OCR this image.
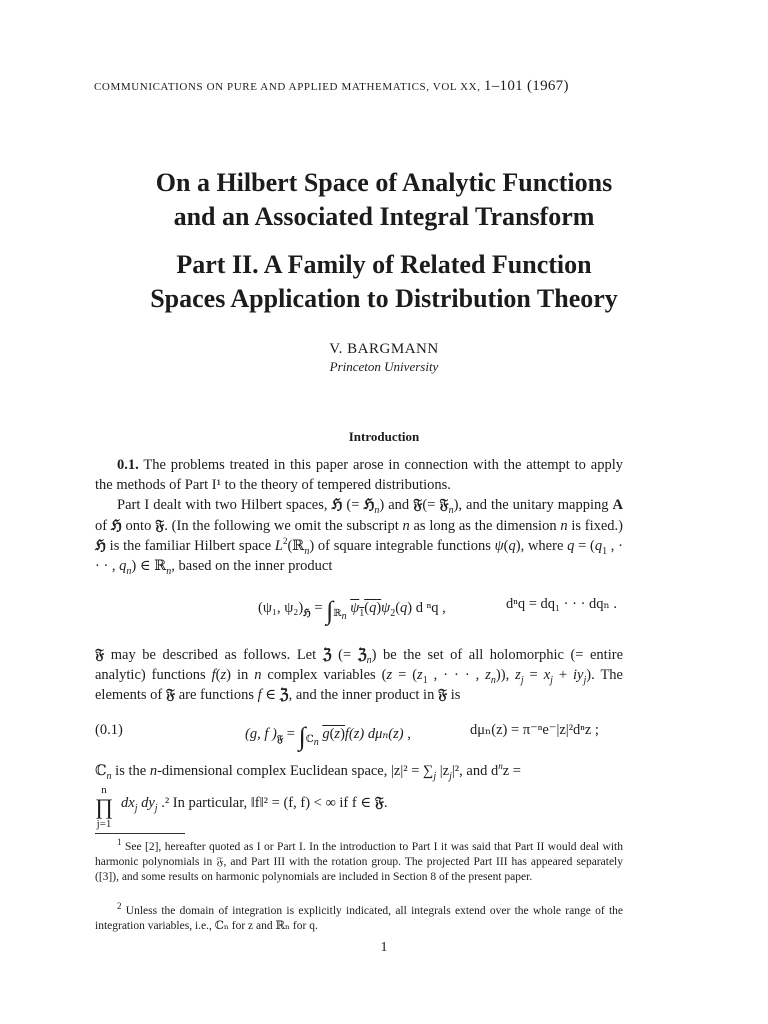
COMMUNICATIONS ON PURE AND APPLIED MATHEMATICS, VOL XX, 1–101 (1967)
On a Hilbert Space of Analytic Functions
and an Associated Integral Transform
Part II. A Family of Related Function
Spaces Application to Distribution Theory
V. BARGMANN
Princeton University
Introduction

0.1. The problems treated in this paper arose in connection with the attempt to apply the methods of Part I¹ to the theory of tempered distributions.

Part I dealt with two Hilbert spaces, ℌ (= ℌ$_n$) and 𝔉(= 𝔉$_n$), and the unitary mapping A of ℌ onto 𝔉. (In the following we omit the subscript n as long as the dimension n is fixed.) ℌ is the familiar Hilbert space $L^2(ℝ_n)$ of square integrable functions ψ(q), where $q = (q_1$ , · · · , $q_n$) ∈ ℝ$_n$, based on the inner product

(ψ₁, $\psi_2)_ℌ = \int_{ℝ_n}$ $\psi_1(q)\psi_2(q)$ d ⁿq ,	dⁿq = dq₁ · · · dqₙ .

𝔉 may be described as follows. Let ℨ (= ℨ$_n$) be the set of all holomorphic (= entire analytic) functions f(z) in n complex variables ($z = (z_1$ , · · · , $z_n$)), $z_j = x_j + iy_j$). The elements of 𝔉 are functions f ∈ ℨ, and the inner product in 𝔉 is

(0.1)	(g, f )$_𝔉 = \int_{ℂ_n}$ g(z)f(z) dμₙ(z) ,	dμₙ(z) = π⁻ⁿe⁻|z|²dⁿz ;

ℂ$_n$ is the n-dimensional complex Euclidean space, $|z|^2 = \sum_j$ $|z_j|^2$, and $d^nz$ =

n
∏
j=1
$dx_j$ $dy_j$ .² In particular, ‖f‖² = (f, f) < ∞ if f ∈ 𝔉.

$^1$ See [2], hereafter quoted as I or Part I. In the introduction to Part I it was said that Part II would deal with harmonic polynomials in 𝔉, and Part III with the rotation group. The projected Part III has appeared separately ([3]), and some results on harmonic polynomials are included in Section 8 of the present paper.

$^2$ Unless the domain of integration is explicitly indicated, all integrals extend over the whole range of the integration variables, i.e., ℂₙ for z and ℝₙ for q.

1
